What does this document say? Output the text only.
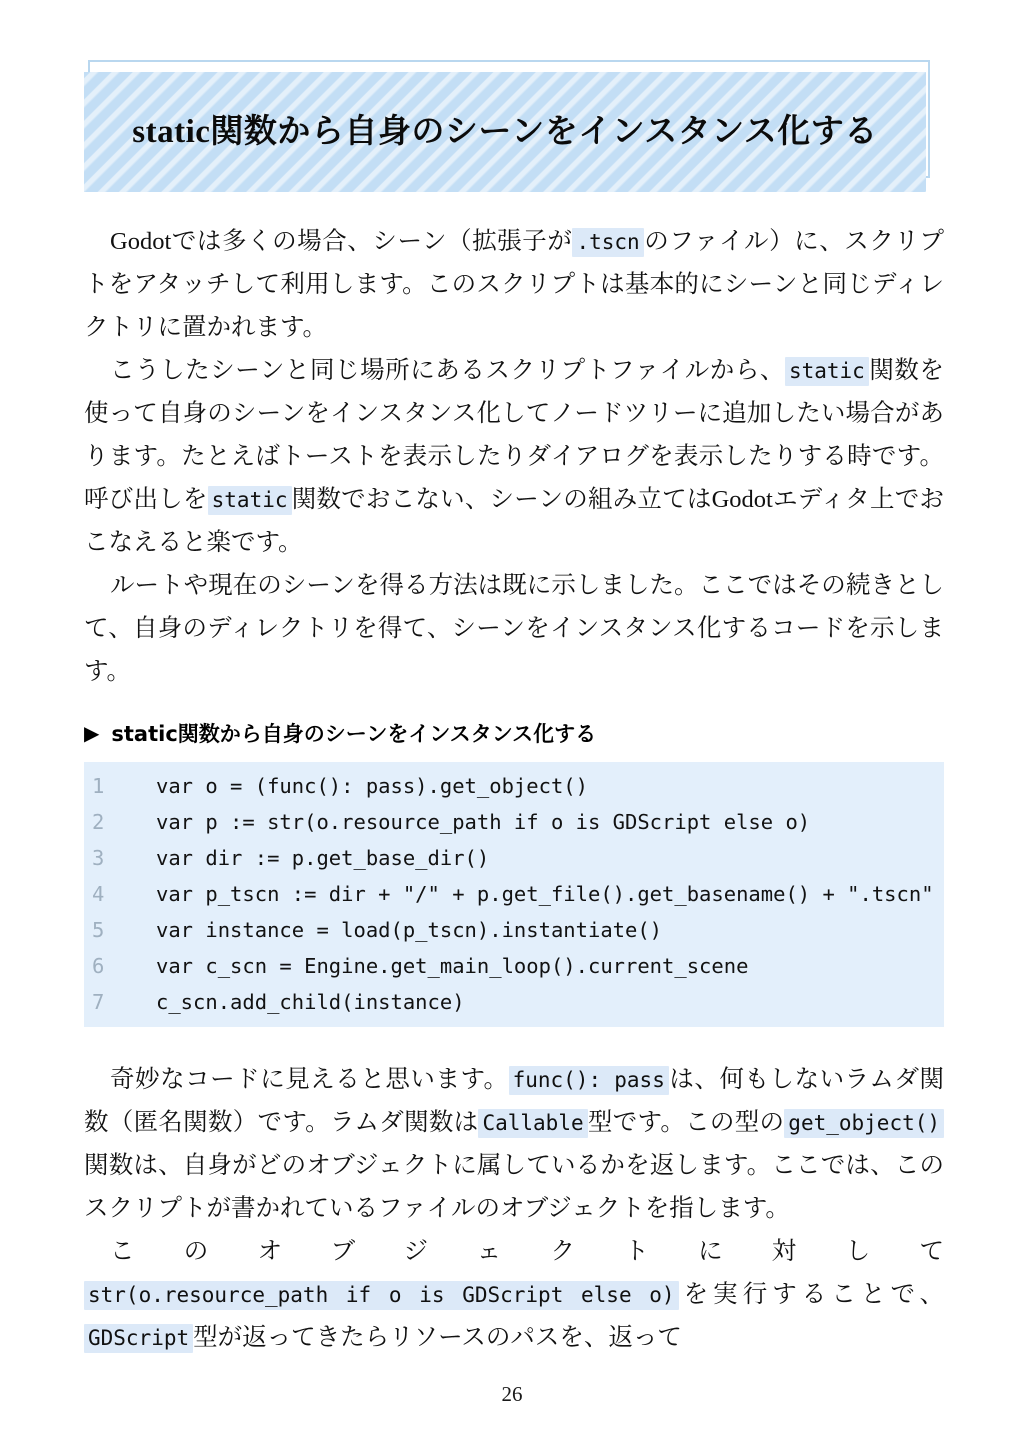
static関数から自身のシーンをインスタンス化する

Godotでは多くの場合、シーン（拡張子が .tscn のファイル）に、スクリプトをアタッチして利用します。このスクリプトは基本的にシーンと同じディレクトリに置かれます。

こうしたシーンと同じ場所にあるスクリプトファイルから、 static 関数を使って自身のシーンをインスタンス化してノードツリーに追加したい場合があります。たとえばトーストを表示したりダイアログを表示したりする時です。呼び出しを static 関数でおこない、シーンの組み立てはGodotエディタ上でおこなえると楽です。

ルートや現在のシーンを得る方法は既に示しました。ここではその続きとして、自身のディレクトリを得て、シーンをインスタンス化するコードを示します。

▶ static関数から自身のシーンをインスタンス化する
1	var o = (func(): pass).get_object()
2	var p := str(o.resource_path if o is GDScript else o)
3	var dir := p.get_base_dir()
4	var p_tscn := dir + "/" + p.get_file().get_basename() + ".tscn"
5	var instance = load(p_tscn).instantiate()
6	var c_scn = Engine.get_main_loop().current_scene
7	c_scn.add_child(instance)

奇妙なコードに見えると思います。 func(): pass は、何もしないラムダ関数（匿名関数）です。ラムダ関数は Callable 型です。この型の get_object()関数は、自身がどのオブジェクトに属しているかを返します。ここでは、このスクリプトが書かれているファイルのオブジェクトを指します。

このオブジェクトに対してstr(o.resource_path if o is GDScript else o) を実行することで、GDScript 型が返ってきたらリソースのパスを、返って

26
